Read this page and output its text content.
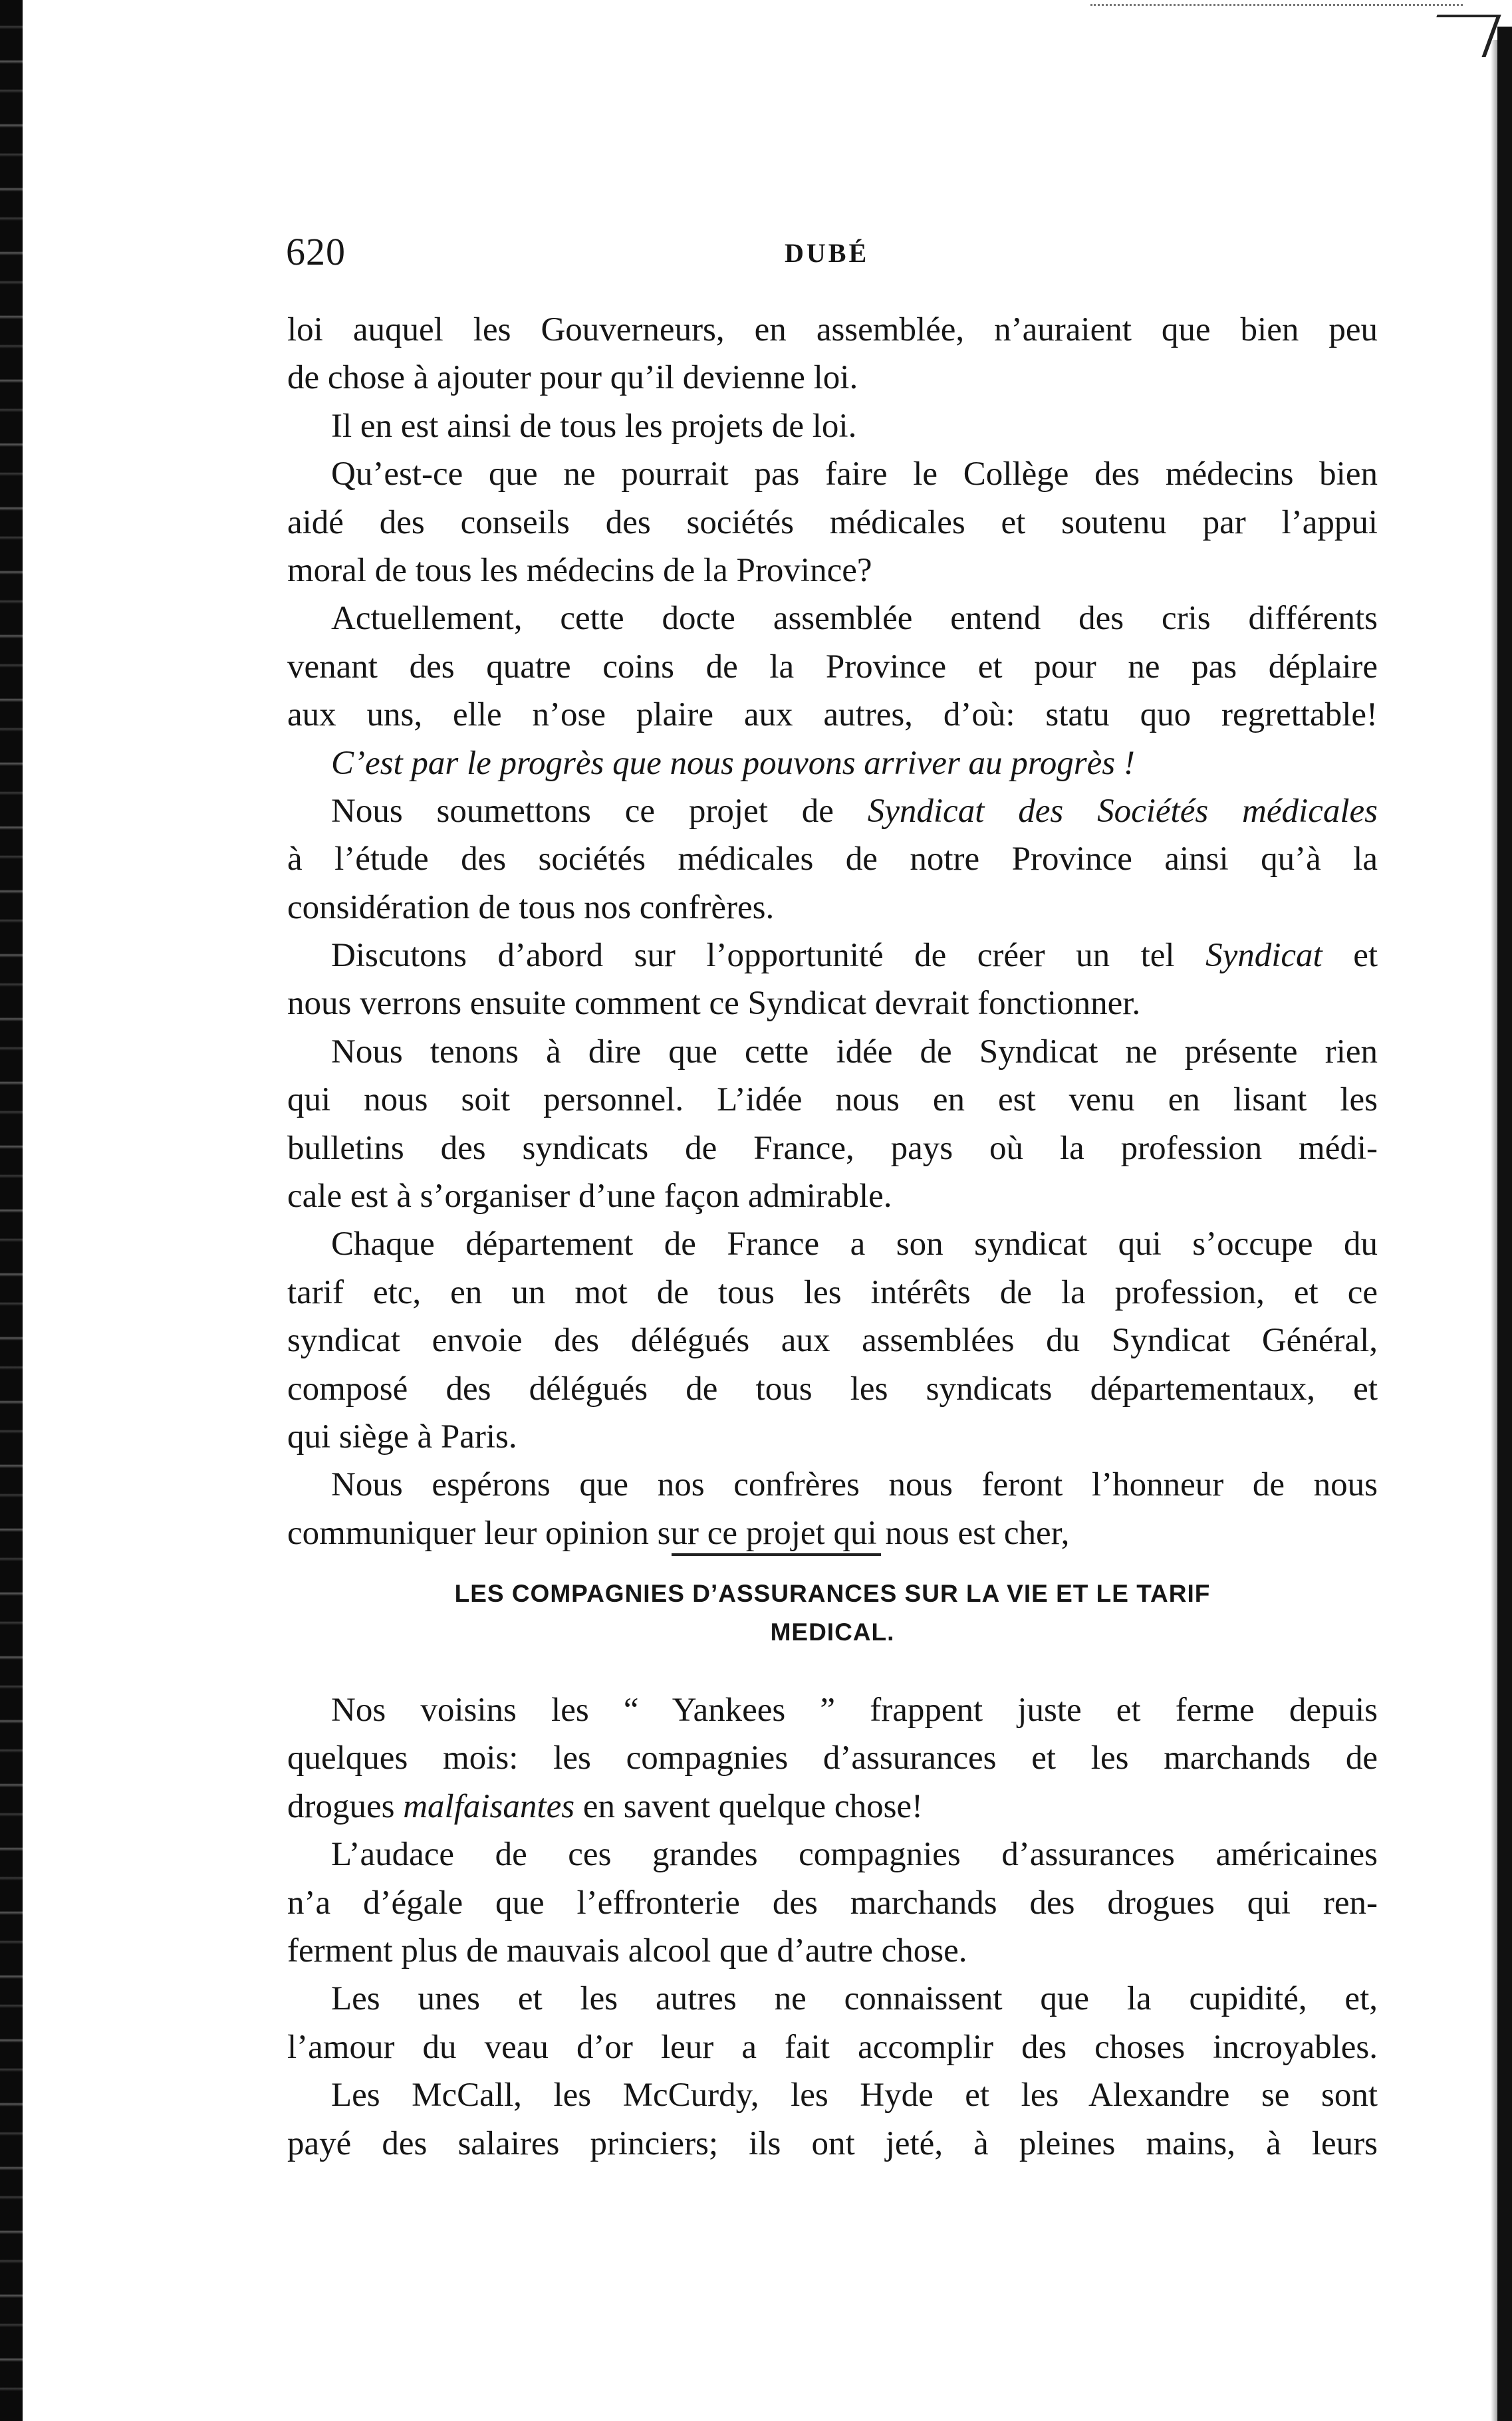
620	DUBÉ
loi auquel les Gouverneurs, en assemblée, n’auraient que bien peu
de chose à ajouter pour qu’il devienne loi.
Il en est ainsi de tous les projets de loi.
Qu’est-ce que ne pourrait pas faire le Collège des médecins bien
aidé des conseils des sociétés médicales et soutenu par l’appui
moral de tous les médecins de la Province?
Actuellement, cette docte assemblée entend des cris différents
venant des quatre coins de la Province et pour ne pas déplaire
aux uns, elle n’ose plaire aux autres, d’où: statu quo regrettable!
C’est par le progrès que nous pouvons arriver au progrès !
Nous soumettons ce projet de Syndicat des Sociétés médicales
à l’étude des sociétés médicales de notre Province ainsi qu’à la
considération de tous nos confrères.
Discutons d’abord sur l’opportunité de créer un tel Syndicat et
nous verrons ensuite comment ce Syndicat devrait fonctionner.
Nous tenons à dire que cette idée de Syndicat ne présente rien
qui nous soit personnel. L’idée nous en est venu en lisant les
bulletins des syndicats de France, pays où la profession médi-
cale est à s’organiser d’une façon admirable.
Chaque département de France a son syndicat qui s’occupe du
tarif etc, en un mot de tous les intérêts de la profession, et ce
syndicat envoie des délégués aux assemblées du Syndicat Général,
composé des délégués de tous les syndicats départementaux, et
qui siège à Paris.
Nous espérons que nos confrères nous feront l’honneur de nous
communiquer leur opinion sur ce projet qui nous est cher,
LES COMPAGNIES D’ASSURANCES SUR LA VIE ET LE TARIF
MEDICAL.
Nos voisins les “ Yankees ” frappent juste et ferme depuis
quelques mois: les compagnies d’assurances et les marchands de
drogues malfaisantes en savent quelque chose!
L’audace de ces grandes compagnies d’assurances américaines
n’a d’égale que l’effronterie des marchands des drogues qui ren-
ferment plus de mauvais alcool que d’autre chose.
Les unes et les autres ne connaissent que la cupidité, et,
l’amour du veau d’or leur a fait accomplir des choses incroyables.
Les McCall, les McCurdy, les Hyde et les Alexandre se sont
payé des salaires princiers; ils ont jeté, à pleines mains, à leurs
